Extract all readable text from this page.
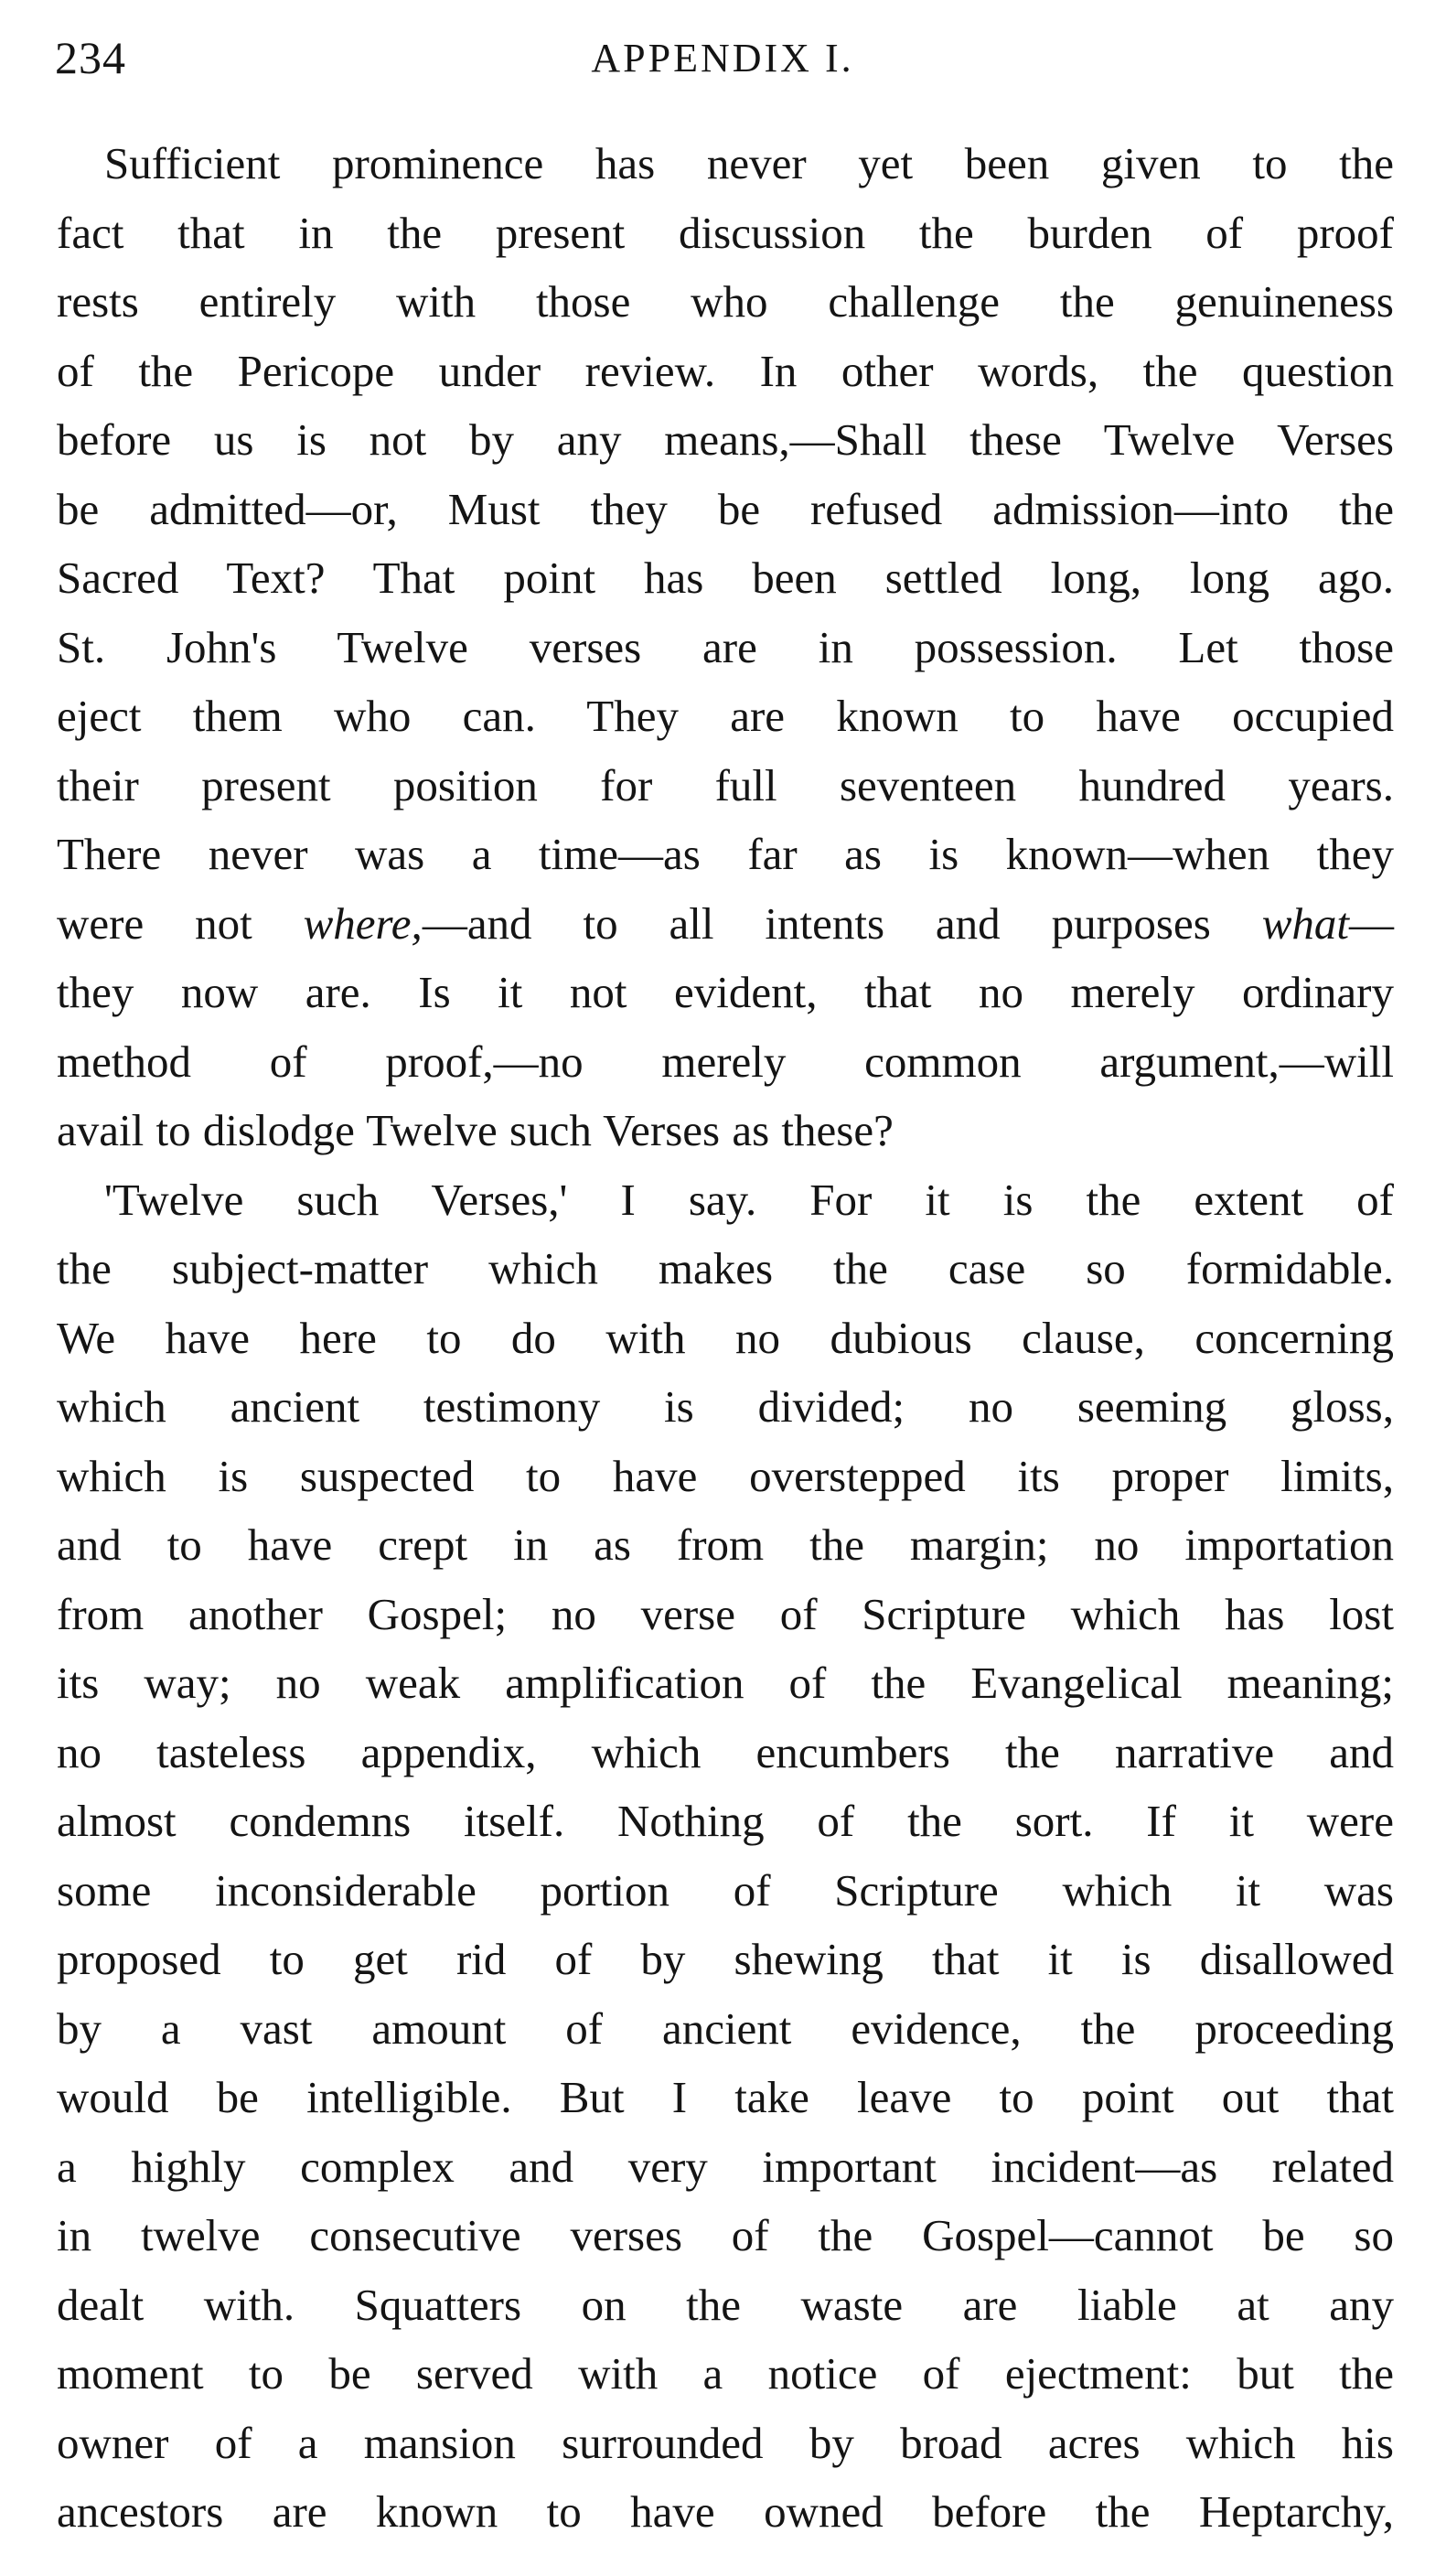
234	APPENDIX I.
Sufficient prominence has never yet been given to the
fact that in the present discussion the burden of proof
rests entirely with those who challenge the genuineness
of the Pericope under review. In other words, the question
before us is not by any means,—Shall these Twelve Verses
be admitted—or, Must they be refused admission—into the
Sacred Text? That point has been settled long, long ago.
St. John's Twelve verses are in possession. Let those
eject them who can. They are known to have occupied
their present position for full seventeen hundred years.
There never was a time—as far as is known—when they
were not where,—and to all intents and purposes what—
they now are. Is it not evident, that no merely ordinary
method of proof,—no merely common argument,—will
avail to dislodge Twelve such Verses as these?
'Twelve such Verses,' I say. For it is the extent of
the subject-matter which makes the case so formidable.
We have here to do with no dubious clause, concerning
which ancient testimony is divided; no seeming gloss,
which is suspected to have overstepped its proper limits,
and to have crept in as from the margin; no importation
from another Gospel; no verse of Scripture which has lost
its way; no weak amplification of the Evangelical meaning;
no tasteless appendix, which encumbers the narrative and
almost condemns itself. Nothing of the sort. If it were
some inconsiderable portion of Scripture which it was
proposed to get rid of by shewing that it is disallowed
by a vast amount of ancient evidence, the proceeding
would be intelligible. But I take leave to point out that
a highly complex and very important incident—as related
in twelve consecutive verses of the Gospel—cannot be so
dealt with. Squatters on the waste are liable at any
moment to be served with a notice of ejectment: but the
owner of a mansion surrounded by broad acres which his
ancestors are known to have owned before the Heptarchy,
